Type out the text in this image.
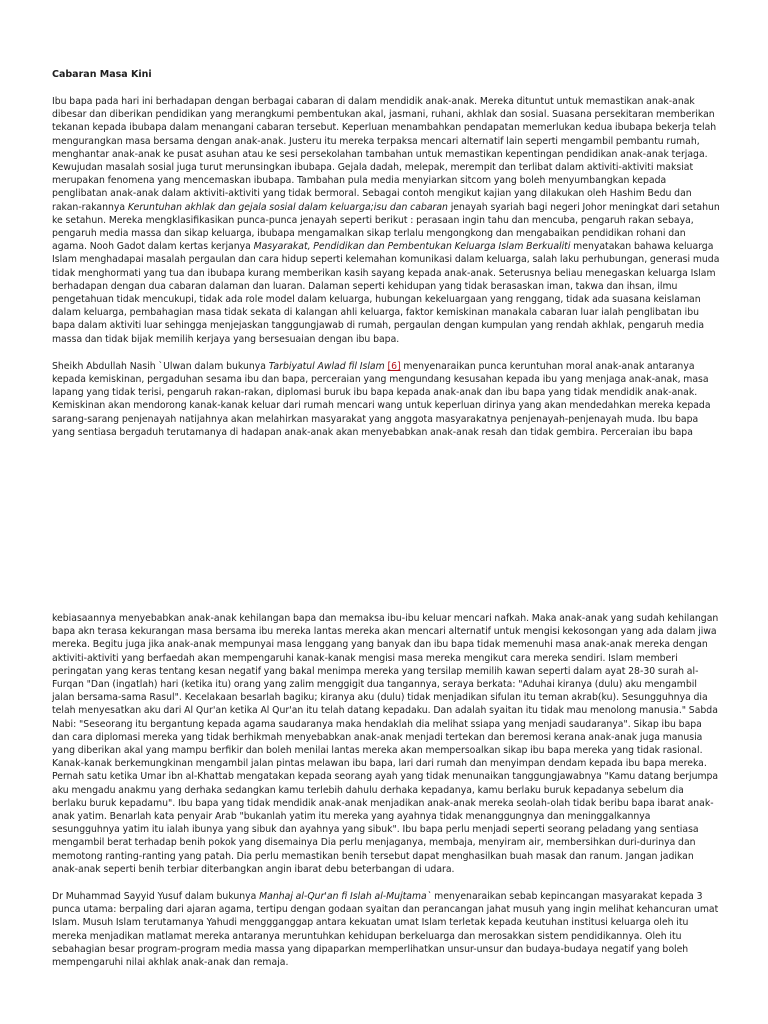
Cabaran Masa Kini

Ibu bapa pada hari ini berhadapan dengan berbagai cabaran di dalam mendidik anak-anak. Mereka dituntut untuk memastikan anak-anak dibesar dan diberikan pendidikan yang merangkumi pembentukan akal, jasmani, ruhani, akhlak dan sosial. Suasana persekitaran memberikan tekanan kepada ibubapa dalam menangani cabaran tersebut. Keperluan menambahkan pendapatan memerlukan kedua ibubapa bekerja telah mengurangkan masa bersama dengan anak-anak. Justeru itu mereka terpaksa mencari alternatif lain seperti mengambil pembantu rumah, menghantar anak-anak ke pusat asuhan atau ke sesi persekolahan tambahan untuk memastikan kepentingan pendidikan anak-anak terjaga. Kewujudan masalah sosial juga turut merunsingkan ibubapa. Gejala dadah, melepak, merempit dan terlibat dalam aktiviti-aktiviti maksiat merupakan fenomena yang mencemaskan ibubapa. Tambahan pula media menyiarkan sitcom yang boleh menyumbangkan kepada penglibatan anak-anak dalam aktiviti-aktiviti yang tidak bermoral. Sebagai contoh mengikut kajian yang dilakukan oleh Hashim Bedu dan rakan-rakannya Keruntuhan akhlak dan gejala sosial dalam keluarga;isu dan cabaran jenayah syariah bagi negeri Johor meningkat dari setahun ke setahun. Mereka mengklasifikasikan punca-punca jenayah seperti berikut : perasaan ingin tahu dan mencuba, pengaruh rakan sebaya, pengaruh media massa dan sikap keluarga, ibubapa mengamalkan sikap terlalu mengongkong dan mengabaikan pendidikan rohani dan agama. Nooh Gadot dalam kertas kerjanya Masyarakat, Pendidikan dan Pembentukan Keluarga Islam Berkualiti menyatakan bahawa keluarga Islam menghadapai masalah pergaulan dan cara hidup seperti kelemahan komunikasi dalam keluarga, salah laku perhubungan, generasi muda tidak menghormati yang tua dan ibubapa kurang memberikan kasih sayang kepada anak-anak. Seterusnya beliau menegaskan keluarga Islam berhadapan dengan dua cabaran dalaman dan luaran. Dalaman seperti kehidupan yang tidak berasaskan iman, takwa dan ihsan, ilmu pengetahuan tidak mencukupi, tidak ada role model dalam keluarga, hubungan kekeluargaan yang renggang, tidak ada suasana keislaman dalam keluarga, pembahagian masa tidak sekata di kalangan ahli keluarga, faktor kemiskinan manakala cabaran luar ialah penglibatan ibu bapa dalam aktiviti luar sehingga menjejaskan tanggungjawab di rumah, pergaulan dengan kumpulan yang rendah akhlak, pengaruh media massa dan tidak bijak memilih kerjaya yang bersesuaian dengan ibu bapa.

Sheikh Abdullah Nasih `Ulwan dalam bukunya Tarbiyatul Awlad fil Islam [6] menyenaraikan punca keruntuhan moral anak-anak antaranya kepada kemiskinan, pergaduhan sesama ibu dan bapa, perceraian yang mengundang kesusahan kepada ibu yang menjaga anak-anak, masa lapang yang tidak terisi, pengaruh rakan-rakan, diplomasi buruk ibu bapa kepada anak-anak dan ibu bapa yang tidak mendidik anak-anak. Kemiskinan akan mendorong kanak-kanak keluar dari rumah mencari wang untuk keperluan dirinya yang akan mendedahkan mereka kepada sarang-sarang penjenayah natijahnya akan melahirkan masyarakat yang anggota masyarakatnya penjenayah-penjenayah muda. Ibu bapa yang sentiasa bergaduh terutamanya di hadapan anak-anak akan menyebabkan anak-anak resah dan tidak gembira. Perceraian ibu bapa

kebiasaannya menyebabkan anak-anak kehilangan bapa dan memaksa ibu-ibu keluar mencari nafkah. Maka anak-anak yang sudah kehilangan bapa akn terasa kekurangan masa bersama ibu mereka lantas mereka akan mencari alternatif untuk mengisi kekosongan yang ada dalam jiwa mereka. Begitu juga jika anak-anak mempunyai masa lenggang yang banyak dan ibu bapa tidak memenuhi masa anak-anak mereka dengan aktiviti-aktiviti yang berfaedah akan mempengaruhi kanak-kanak mengisi masa mereka mengikut cara mereka sendiri. Islam memberi peringatan yang keras tentang kesan negatif yang bakal menimpa mereka yang tersilap memilih kawan seperti dalam ayat 28-30 surah al-Furqan "Dan (ingatlah) hari (ketika itu) orang yang zalim menggigit dua tangannya, seraya berkata: "Aduhai kiranya (dulu) aku mengambil jalan bersama-sama Rasul". Kecelakaan besarlah bagiku; kiranya aku (dulu) tidak menjadikan sifulan itu teman akrab(ku). Sesungguhnya dia telah menyesatkan aku dari Al Qur'an ketika Al Qur'an itu telah datang kepadaku. Dan adalah syaitan itu tidak mau menolong manusia." Sabda Nabi: "Seseorang itu bergantung kepada agama saudaranya maka hendaklah dia melihat ssiapa yang menjadi saudaranya". Sikap ibu bapa dan cara diplomasi mereka yang tidak berhikmah menyebabkan anak-anak menjadi tertekan dan beremosi kerana anak-anak juga manusia yang diberikan akal yang mampu berfikir dan boleh menilai lantas mereka akan mempersoalkan sikap ibu bapa mereka yang tidak rasional. Kanak-kanak berkemungkinan mengambil jalan pintas melawan ibu bapa, lari dari rumah dan menyimpan dendam kepada ibu bapa mereka. Pernah satu ketika Umar ibn al-Khattab mengatakan kepada seorang ayah yang tidak menunaikan tanggungjawabnya "Kamu datang berjumpa aku mengadu anakmu yang derhaka sedangkan kamu terlebih dahulu derhaka kepadanya, kamu berlaku buruk kepadanya sebelum dia berlaku buruk kepadamu". Ibu bapa yang tidak mendidik anak-anak menjadikan anak-anak mereka seolah-olah tidak beribu bapa ibarat anak-anak yatim. Benarlah kata penyair Arab "bukanlah yatim itu mereka yang ayahnya tidak menanggungnya dan meninggalkannya sesungguhnya yatim itu ialah ibunya yang sibuk dan ayahnya yang sibuk". Ibu bapa perlu menjadi seperti seorang peladang yang sentiasa mengambil berat terhadap benih pokok yang disemainya Dia perlu menjaganya, membaja, menyiram air, membersihkan duri-durinya dan memotong ranting-ranting yang patah. Dia perlu memastikan benih tersebut dapat menghasilkan buah masak dan ranum. Jangan jadikan anak-anak seperti benih terbiar diterbangkan angin ibarat debu beterbangan di udara.

Dr Muhammad Sayyid Yusuf dalam bukunya Manhaj al-Qur'an fi Islah al-Mujtama` menyenaraikan sebab kepincangan masyarakat kepada 3 punca utama: berpaling dari ajaran agama, tertipu dengan godaan syaitan dan perancangan jahat musuh yang ingin melihat kehancuran umat Islam. Musuh Islam terutamanya Yahudi menggganggap antara kekuatan umat Islam terletak kepada keutuhan institusi keluarga oleh itu mereka menjadikan matlamat mereka antaranya meruntuhkan kehidupan berkeluarga dan merosakkan sistem pendidikannya. Oleh itu sebahagian besar program-program media massa yang dipaparkan memperlihatkan unsur-unsur dan budaya-budaya negatif yang boleh mempengaruhi nilai akhlak anak-anak dan remaja.
